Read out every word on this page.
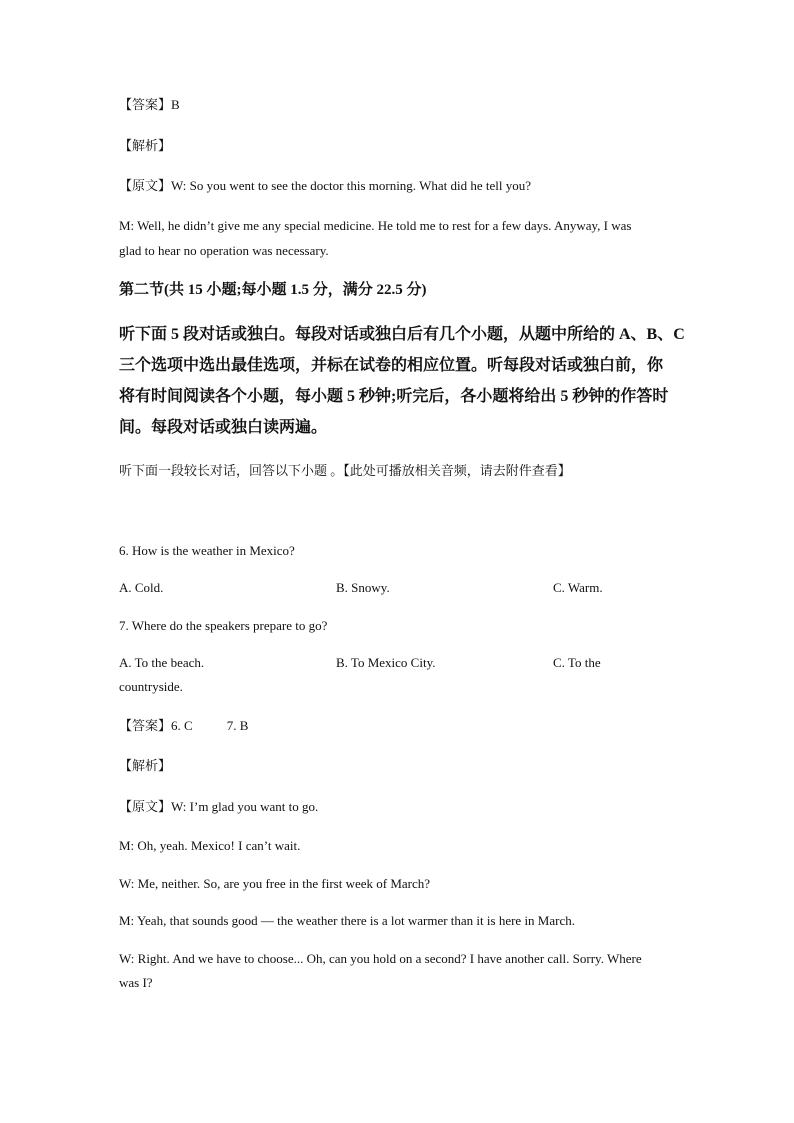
【答案】B
【解析】
【原文】W: So you went to see the doctor this morning. What did he tell you?
M: Well, he didn’t give me any special medicine. He told me to rest for a few days. Anyway, I was
glad to hear no operation was necessary.
第二节(共 15 小题;每小题 1.5 分，满分 22.5 分)
听下面 5 段对话或独白。每段对话或独白后有几个小题，从题中所给的 A、B、C
三个选项中选出最佳选项，并标在试卷的相应位置。听每段对话或独白前，你
将有时间阅读各个小题，每小题 5 秒钟;听完后，各小题将给出 5 秒钟的作答时
间。每段对话或独白读两遍。
听下面一段较长对话，回答以下小题 。【此处可播放相关音频，请去附件查看】
6. How is the weather in Mexico?
A. Cold.	B. Snowy.	C. Warm.
7. Where do the speakers prepare to go?
A. To the beach.	B. To Mexico City.	C. To the
countryside.
【答案】6. C	7. B
【解析】
【原文】W: I’m glad you want to go.
M: Oh, yeah. Mexico! I can’t wait.
W: Me, neither. So, are you free in the first week of March?
M: Yeah, that sounds good — the weather there is a lot warmer than it is here in March.
W: Right. And we have to choose... Oh, can you hold on a second? I have another call. Sorry. Where
was I?
